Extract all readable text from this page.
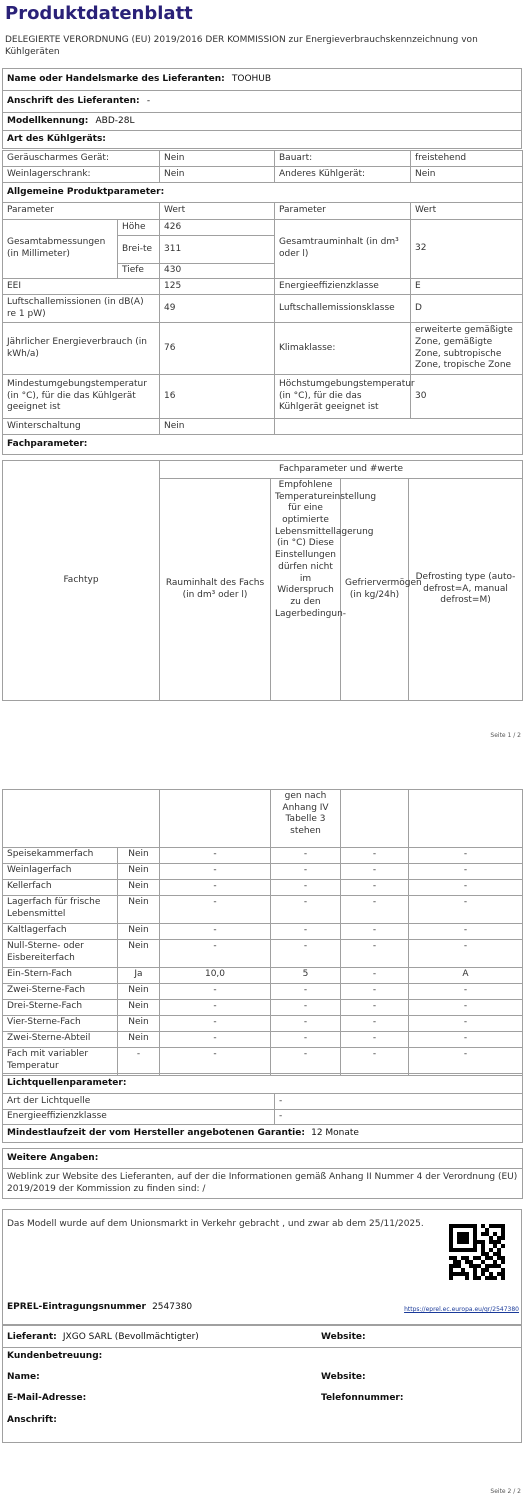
Produktdatenblatt
DELEGIERTE VERORDNUNG (EU) 2019/2016 DER KOMMISSION zur Energieverbrauchskennzeichnung von Kühlgeräten
Name oder Handelsmarke des Lieferanten: TOOHUB
Anschrift des Lieferanten: -
Modellkennung: ABD-28L
Art des Kühlgeräts:
Geräuscharmes Gerät:	Nein	Bauart:	freistehend
Weinlagerschrank:	Nein	Anderes Kühlgerät:	Nein
Allgemeine Produktparameter:			
Parameter		Wert	Parameter	Wert
Gesamtabmessungen (in Millimeter)	Höhe	426	Gesamtrauminhalt (in dm³ oder l)	32
	Brei-te	311		
	Tiefe	430		
EEI		125	Energieeffizienzklasse	E
Luftschallemissionen (in dB(A) re 1 pW)		49	Luftschallemissionsklasse	D
Jährlicher Energieverbrauch (in kWh/a)		76	Klimaklasse:	erweiterte gemäßigte Zone, gemäßigte Zone, subtropische Zone, tropische Zone
Mindestumgebungstemperatur (in °C), für die das Kühlgerät geeignet ist		16	Höchstumgebungstemperatur (in °C), für die das Kühlgerät geeignet ist	30
Winterschaltung		Nein		
Fachparameter:				
Fachtyp	Fachparameter und #werte			
	Rauminhalt des Fachs (in dm³ oder l)	Empfohlene Temperatureinstellung für eine optimierte Lebensmittellagerung (in °C) Diese Einstellungen dürfen nicht im Widerspruch zu den Lagerbedingun-	Gefriervermögen (in kg/24h)	Defrosting type (auto-defrost=A, manual defrost=M)
Seite 1 / 2
		gen nach Anhang IV Tabelle 3 stehen		
Speisekammerfach	Nein	-	-	-	-
Weinlagerfach	Nein	-	-	-	-
Kellerfach	Nein	-	-	-	-
Lagerfach für frische Lebensmittel	Nein	-	-	-	-
Kaltlagerfach	Nein	-	-	-	-
Null-Sterne- oder Eisbereiterfach	Nein	-	-	-	-
Ein-Stern-Fach	Ja	10,0	5	-	A
Zwei-Sterne-Fach	Nein	-	-	-	-
Drei-Sterne-Fach	Nein	-	-	-	-
Vier-Sterne-Fach	Nein	-	-	-	-
Zwei-Sterne-Abteil	Nein	-	-	-	-
Fach mit variabler Temperatur	-	-	-	-	-
Lichtquellenparameter:	
Art der Lichtquelle	-
Energieeffizienzklasse	-
Mindestlaufzeit der vom Hersteller angebotenen Garantie: 12 Monate	

Weitere Angaben:	
Weblink zur Website des Lieferanten, auf der die Informationen gemäß Anhang II Nummer 4 der Verordnung (EU) 2019/2019 der Kommission zu finden sind: /	
Das Modell wurde auf dem Unionsmarkt in Verkehr gebracht , und zwar ab dem 25/11/2025.
EPREL-Eintragungsnummer 2547380	https://eprel.ec.europa.eu/qr/2547380
Lieferant: JXGO SARL (Bevollmächtigter)	Website:
Kundenbetreuung:
Name:	Website:
E-Mail-Adresse:	Telefonnummer:
Anschrift:
Seite 2 / 2
